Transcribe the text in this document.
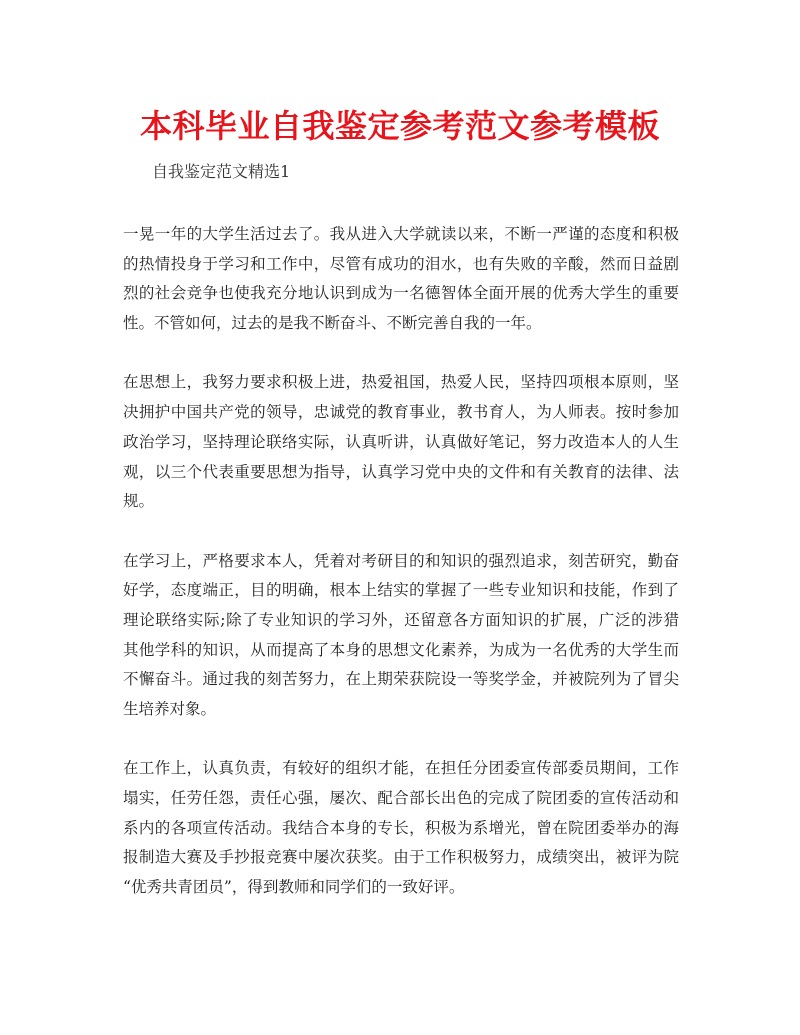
本科毕业自我鉴定参考范文参考模板
自我鉴定范文精选1
一晃一年的大学生活过去了。我从进入大学就读以来，不断一严谨的态度和积极
的热情投身于学习和工作中，尽管有成功的泪水，也有失败的辛酸，然而日益剧
烈的社会竞争也使我充分地认识到成为一名德智体全面开展的优秀大学生的重要
性。不管如何，过去的是我不断奋斗、不断完善自我的一年。
在思想上，我努力要求积极上进，热爱祖国，热爱人民，坚持四项根本原则，坚
决拥护中国共产党的领导，忠诚党的教育事业，教书育人，为人师表。按时参加
政治学习，坚持理论联络实际，认真听讲，认真做好笔记，努力改造本人的人生
观，以三个代表重要思想为指导，认真学习党中央的文件和有关教育的法律、法
规。
在学习上，严格要求本人，凭着对考研目的和知识的强烈追求，刻苦研究，勤奋
好学，态度端正，目的明确，根本上结实的掌握了一些专业知识和技能，作到了
理论联络实际;除了专业知识的学习外，还留意各方面知识的扩展，广泛的涉猎
其他学科的知识，从而提高了本身的思想文化素养，为成为一名优秀的大学生而
不懈奋斗。通过我的刻苦努力，在上期荣获院设一等奖学金，并被院列为了冒尖
生培养对象。
在工作上，认真负责，有较好的组织才能，在担任分团委宣传部委员期间，工作
塌实，任劳任怨，责任心强，屡次、配合部长出色的完成了院团委的宣传活动和
系内的各项宣传活动。我结合本身的专长，积极为系增光，曾在院团委举办的海
报制造大赛及手抄报竞赛中屡次获奖。由于工作积极努力，成绩突出，被评为院
“优秀共青团员”，得到教师和同学们的一致好评。
